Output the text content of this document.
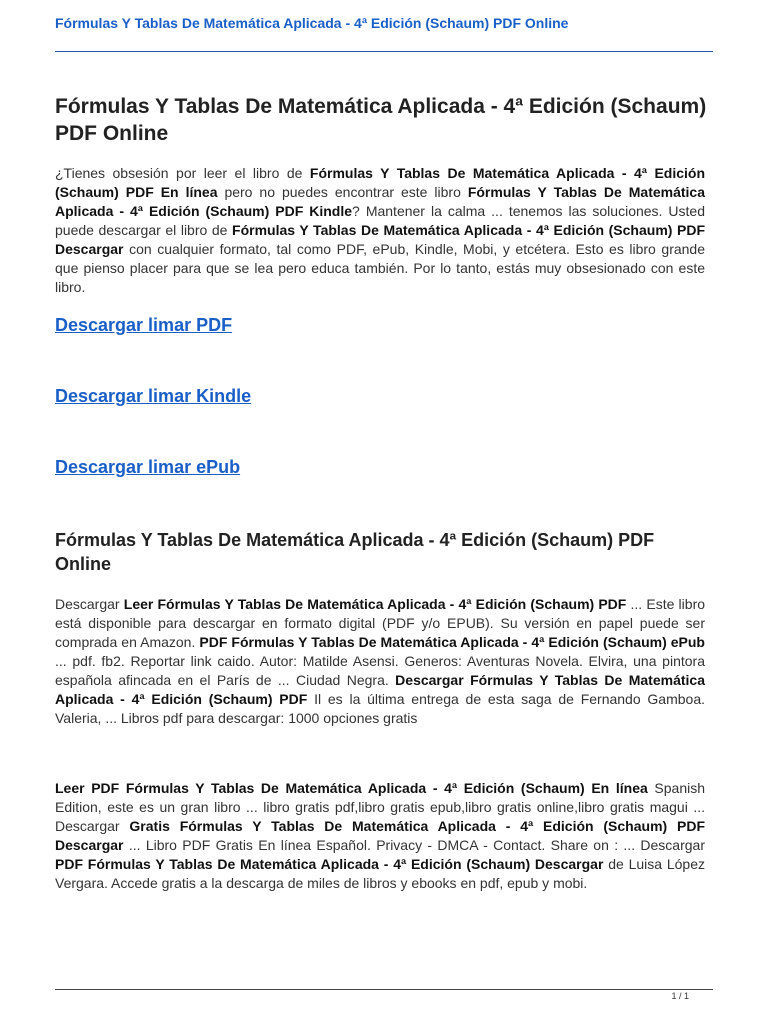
Fórmulas Y Tablas De Matemática Aplicada - 4ª Edición (Schaum) PDF Online
Fórmulas Y Tablas De Matemática Aplicada - 4ª Edición (Schaum) PDF Online

¿Tienes obsesión por leer el libro de Fórmulas Y Tablas De Matemática Aplicada - 4ª Edición (Schaum) PDF En línea pero no puedes encontrar este libro Fórmulas Y Tablas De Matemática Aplicada - 4ª Edición (Schaum) PDF Kindle? Mantener la calma ... tenemos las soluciones. Usted puede descargar el libro de Fórmulas Y Tablas De Matemática Aplicada - 4ª Edición (Schaum) PDF Descargar con cualquier formato, tal como PDF, ePub, Kindle, Mobi, y etcétera. Esto es libro grande que pienso placer para que se lea pero educa también. Por lo tanto, estás muy obsesionado con este libro.

Descargar limar PDF
Descargar limar Kindle
Descargar limar ePub
Fórmulas Y Tablas De Matemática Aplicada - 4ª Edición (Schaum) PDF Online

Descargar Leer Fórmulas Y Tablas De Matemática Aplicada - 4ª Edición (Schaum) PDF ... Este libro está disponible para descargar en formato digital (PDF y/o EPUB). Su versión en papel puede ser comprada en Amazon. PDF Fórmulas Y Tablas De Matemática Aplicada - 4ª Edición (Schaum) ePub ... pdf. fb2. Reportar link caido. Autor: Matilde Asensi. Generos: Aventuras Novela. Elvira, una pintora española afincada en el París de ... Ciudad Negra. Descargar Fórmulas Y Tablas De Matemática Aplicada - 4ª Edición (Schaum) PDF Il es la última entrega de esta saga de Fernando Gamboa. Valeria, ... Libros pdf para descargar: 1000 opciones gratis

Leer PDF Fórmulas Y Tablas De Matemática Aplicada - 4ª Edición (Schaum) En línea Spanish Edition, este es un gran libro ... libro gratis pdf,libro gratis epub,libro gratis online,libro gratis magui ... Descargar Gratis Fórmulas Y Tablas De Matemática Aplicada - 4ª Edición (Schaum) PDF Descargar ... Libro PDF Gratis En línea Español. Privacy - DMCA - Contact. Share on : ... Descargar PDF Fórmulas Y Tablas De Matemática Aplicada - 4ª Edición (Schaum) Descargar de Luisa López Vergara. Accede gratis a la descarga de miles de libros y ebooks en pdf, epub y mobi.

1 / 1
